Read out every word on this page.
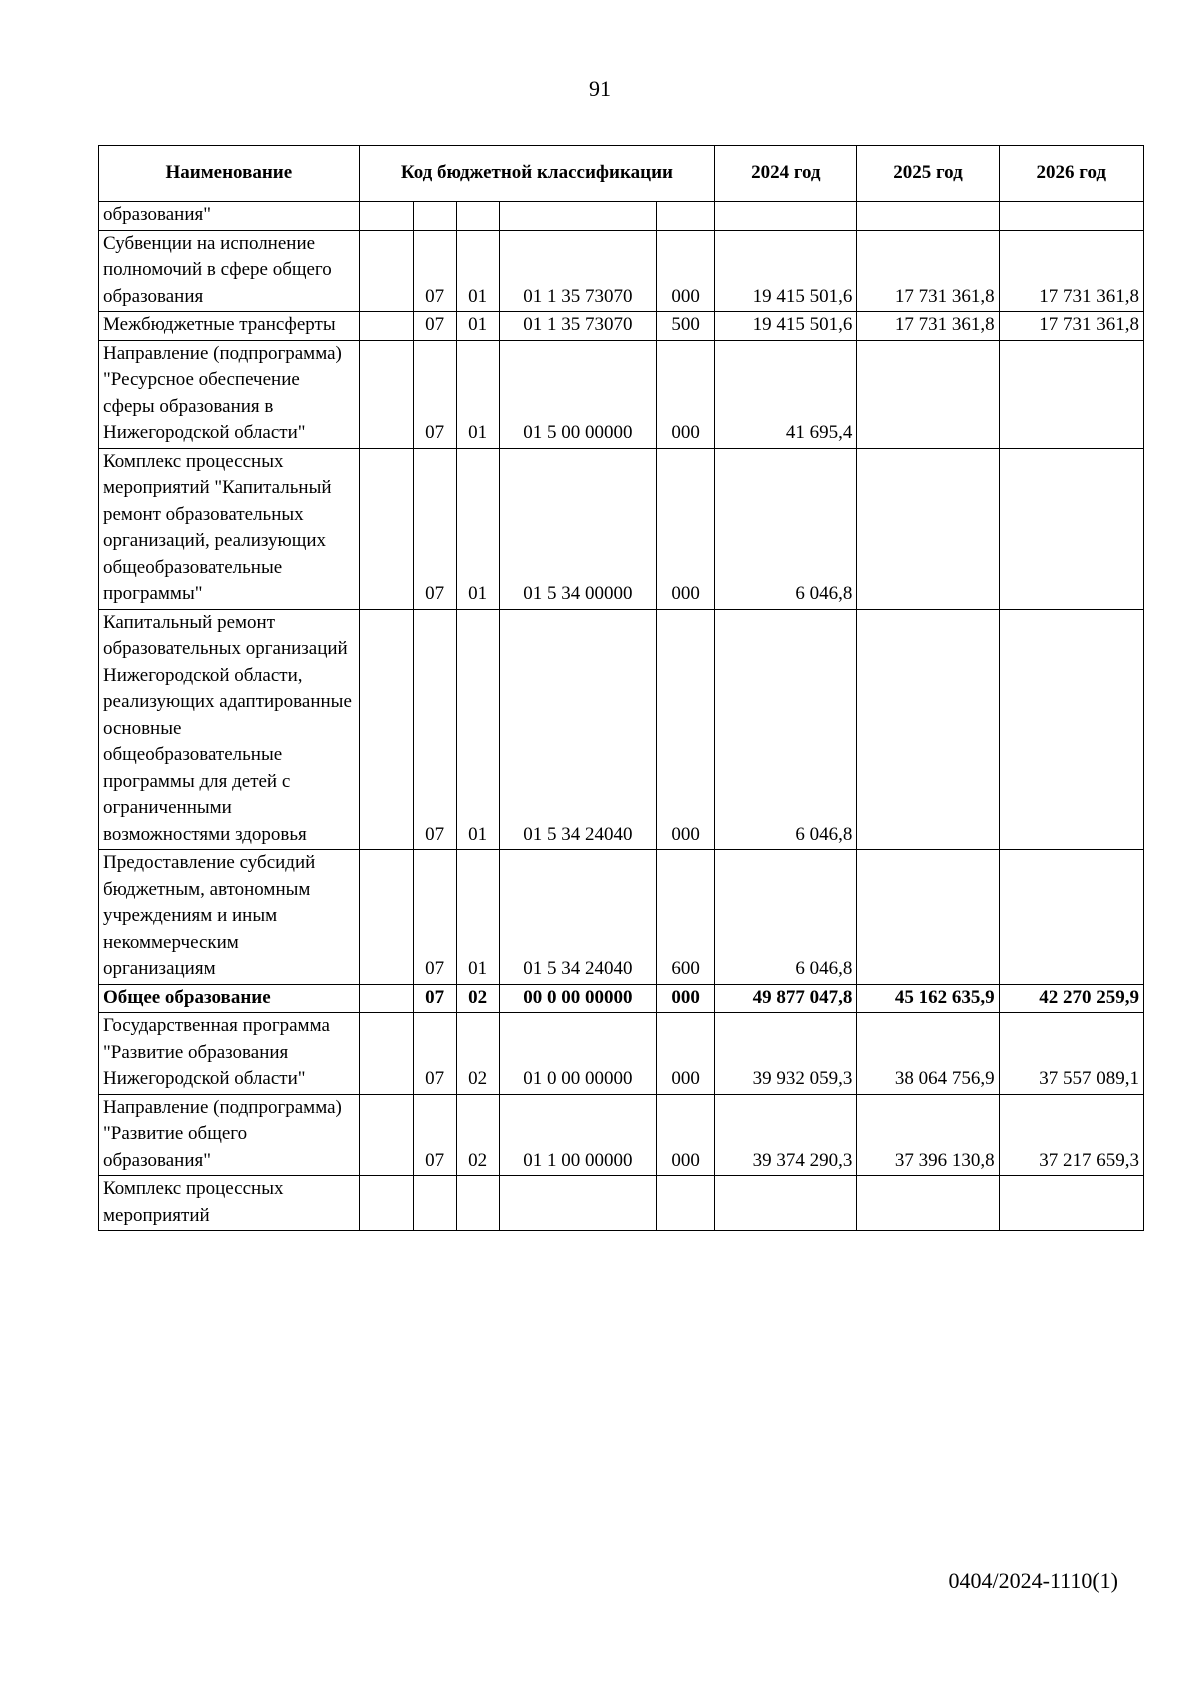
91
Наименование	Код бюджетной классификации					2024 год	2025 год	2026 год
образования"								
Субвенции на исполнение полномочий в сфере общего образования		07	01	01 1 35 73070	000	19 415 501,6	17 731 361,8	17 731 361,8
Межбюджетные трансферты		07	01	01 1 35 73070	500	19 415 501,6	17 731 361,8	17 731 361,8
Направление (подпрограмма) "Ресурсное обеспечение сферы образования в Нижегородской области"		07	01	01 5 00 00000	000	41 695,4		
Комплекс процессных мероприятий "Капитальный ремонт образовательных организаций, реализующих общеобразовательные программы"		07	01	01 5 34 00000	000	6 046,8		
Капитальный ремонт образовательных организаций Нижегородской области, реализующих адаптированные основные общеобразовательные программы для детей с ограниченными возможностями здоровья		07	01	01 5 34 24040	000	6 046,8		
Предоставление субсидий бюджетным, автономным учреждениям и иным некоммерческим организациям		07	01	01 5 34 24040	600	6 046,8		
Общее образование		07	02	00 0 00 00000	000	49 877 047,8	45 162 635,9	42 270 259,9
Государственная программа "Развитие образования Нижегородской области"		07	02	01 0 00 00000	000	39 932 059,3	38 064 756,9	37 557 089,1
Направление (подпрограмма) "Развитие общего образования"		07	02	01 1 00 00000	000	39 374 290,3	37 396 130,8	37 217 659,3
Комплекс процессных мероприятий								
0404/2024-1110(1)
